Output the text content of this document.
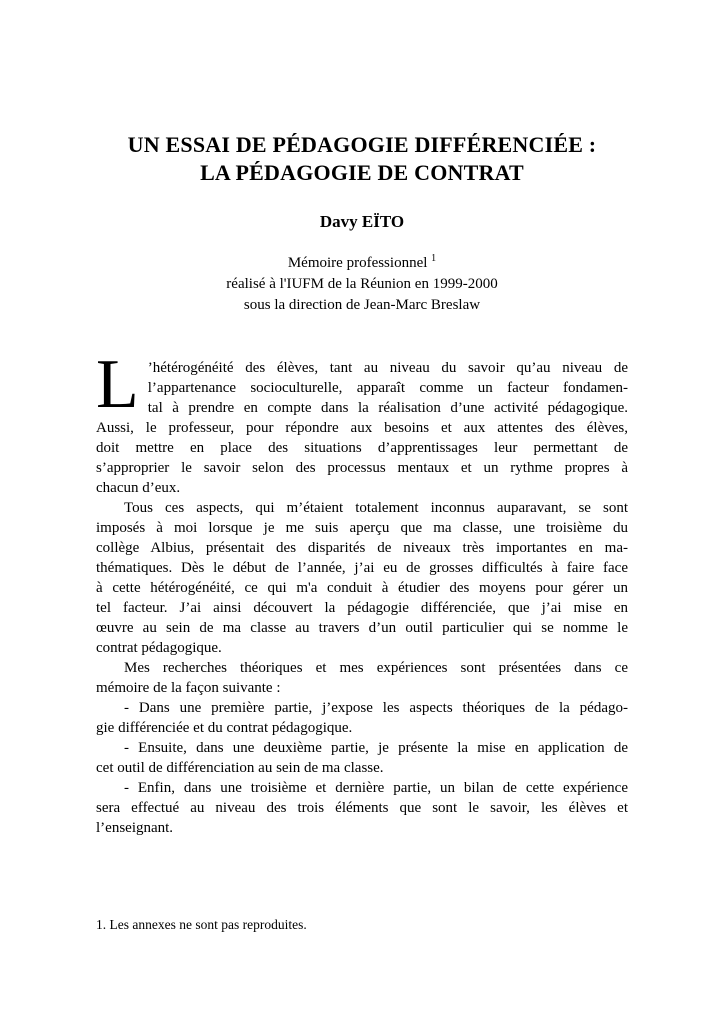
UN ESSAI DE PÉDAGOGIE DIFFÉRENCIÉE :
LA PÉDAGOGIE DE CONTRAT
Davy EÏTO
Mémoire professionnel $^1$
réalisé à l'IUFM de la Réunion en 1999-2000
sous la direction de Jean-Marc Breslaw
L ’hétérogénéité des élèves, tant au niveau du savoir qu’au niveau de
l’appartenance socioculturelle, apparaît comme un facteur fondamen-
tal à prendre en compte dans la réalisation d’une activité pédagogique.
Aussi, le professeur, pour répondre aux besoins et aux attentes des élèves,
doit mettre en place des situations d’apprentissages leur permettant de
s’approprier le savoir selon des processus mentaux et un rythme propres à
chacun d’eux.
Tous ces aspects, qui m’étaient totalement inconnus auparavant, se sont
imposés à moi lorsque je me suis aperçu que ma classe, une troisième du
collège Albius, présentait des disparités de niveaux très importantes en ma-
thématiques. Dès le début de l’année, j’ai eu de grosses difficultés à faire face
à cette hétérogénéité, ce qui m'a conduit à étudier des moyens pour gérer un
tel facteur. J’ai ainsi découvert la pédagogie différenciée, que j’ai mise en
œuvre au sein de ma classe au travers d’un outil particulier qui se nomme le
contrat pédagogique.
Mes recherches théoriques et mes expériences sont présentées dans ce
mémoire de la façon suivante :
- Dans une première partie, j’expose les aspects théoriques de la pédago-
gie différenciée et du contrat pédagogique.
- Ensuite, dans une deuxième partie, je présente la mise en application de
cet outil de différenciation au sein de ma classe.
- Enfin, dans une troisième et dernière partie, un bilan de cette expérience
sera effectué au niveau des trois éléments que sont le savoir, les élèves et
l’enseignant.
1. Les annexes ne sont pas reproduites.
